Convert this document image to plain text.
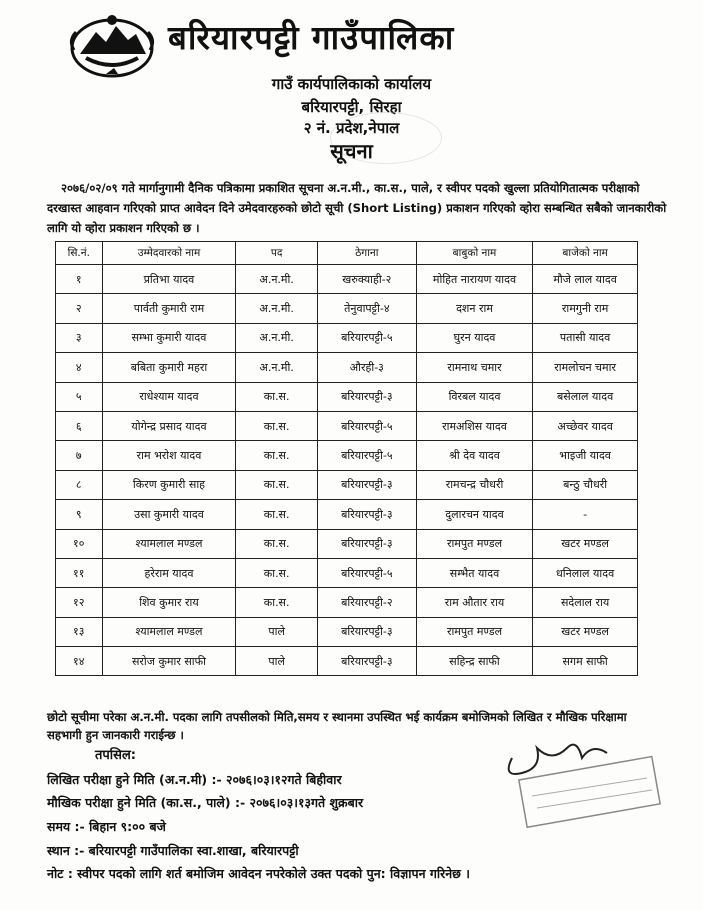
बरियारपट्टी गाउँपालिका
गाउँ कार्यपालिकाको कार्यालय
बरियारपट्टी, सिरहा
२ नं. प्रदेश,नेपाल
सूचना
२०७६/०२/०९ गते मार्गानुगामी दैनिक पत्रिकामा प्रकाशित सूचना अ.न.मी., का.स., पाले, र स्वीपर पदको खुल्ला प्रतियोगितात्मक परीक्षाको दरखास्त आहवान गरिएको प्राप्त आवेदन दिने उमेदवारहरुको छोटो सूची (Short Listing) प्रकाशन गरिएको व्होरा सम्बन्धित सबैको जानकारीको लागि यो व्होरा प्रकाशन गरिएको छ ।
सि.नं.	उम्मेदवारको नाम	पद	ठेगाना	बाबुको नाम	बाजेको नाम
१	प्रतिभा यादव	अ.न.मी.	खरुक्याही-२	मोहित नारायण यादव	मौजे लाल यादव
२	पार्वती कुमारी राम	अ.न.मी.	तेनुवापट्टी-४	दशन राम	रामगुनी राम
३	सम्भा कुमारी यादव	अ.न.मी.	बरियारपट्टी-५	घुरन यादव	पतासी यादव
४	बबिता कुमारी महरा	अ.न.मी.	औरही-३	रामनाथ चमार	रामलोचन चमार
५	राधेश्याम यादव	का.स.	बरियारपट्टी-३	विरबल यादव	बसेलाल यादव
६	योगेन्द्र प्रसाद यादव	का.स.	बरियारपट्टी-५	रामअशिस यादव	अच्छेवर यादव
७	राम भरोश यादव	का.स.	बरियारपट्टी-५	श्री देव यादव	भाइजी यादव
८	किरण कुमारी साह	का.स.	बरियारपट्टी-३	रामचन्द्र चौधरी	बन्ठु चौधरी
९	उसा कुमारी यादव	का.स.	बरियारपट्टी-३	दुलारचन यादव	-
१०	श्यामलाल मण्डल	का.स.	बरियारपट्टी-३	रामपुत मण्डल	खटर मण्डल
११	हरेराम यादव	का.स.	बरियारपट्टी-५	सम्भैत यादव	धनिलाल यादव
१२	शिव कुमार राय	का.स.	बरियारपट्टी-२	राम औतार राय	सदेलाल राय
१३	श्यामलाल मण्डल	पाले	बरियारपट्टी-३	रामपुत मण्डल	खटर मण्डल
१४	सरोज कुमार साफी	पाले	बरियारपट्टी-३	सहिन्द्र साफी	सगम साफी
छोटो सूचीमा परेका अ.न.मी. पदका लागि तपसीलको मिति,समय र स्थानमा उपस्थित भई कार्यक्रम बमोजिमको लिखित र मौखिक परिक्षामा सहभागी हुन जानकारी गराईन्छ ।
तपसिल:
लिखित परीक्षा हुने मिति (अ.न.मी) :- २०७६।०३।१२गते बिहीवार
मौखिक परीक्षा हुने मिति (का.स., पाले) :- २०७६।०३।१३गते शुक्रबार
समय :- बिहान ९:०० बजे
स्थान :- बरियारपट्टी गाउँपालिका स्वा.शाखा, बरियारपट्टी
नोट : स्वीपर पदको लागि शर्त बमोजिम आवेदन नपरेकोले उक्त पदको पुन: विज्ञापन गरिनेछ ।
